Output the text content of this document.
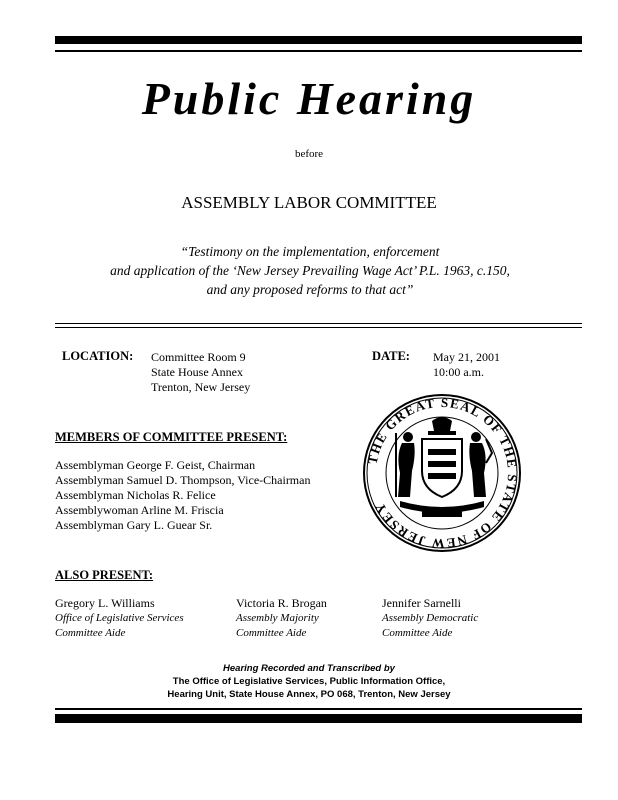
Public Hearing
before
ASSEMBLY LABOR COMMITTEE
“Testimony on the implementation, enforcement
and application of the ‘New Jersey Prevailing Wage Act’ P.L. 1963, c.150,
and any proposed reforms to that act”
LOCATION: Committee Room 9
State House Annex
Trenton, New Jersey
DATE: May 21, 2001
10:00 a.m.
THE GREAT SEAL OF THE STATE OF NEW JERSEY
MEMBERS OF COMMITTEE PRESENT:
Assemblyman George F. Geist, Chairman
Assemblyman Samuel D. Thompson, Vice-Chairman
Assemblyman Nicholas R. Felice
Assemblywoman Arline M. Friscia
Assemblyman Gary L. Guear Sr.
ALSO PRESENT:
Gregory L. Williams
Office of Legislative Services
Committee Aide
Victoria R. Brogan
Assembly Majority
Committee Aide
Jennifer Sarnelli
Assembly Democratic
Committee Aide
Hearing Recorded and Transcribed by
The Office of Legislative Services, Public Information Office,
Hearing Unit, State House Annex, PO 068, Trenton, New Jersey
